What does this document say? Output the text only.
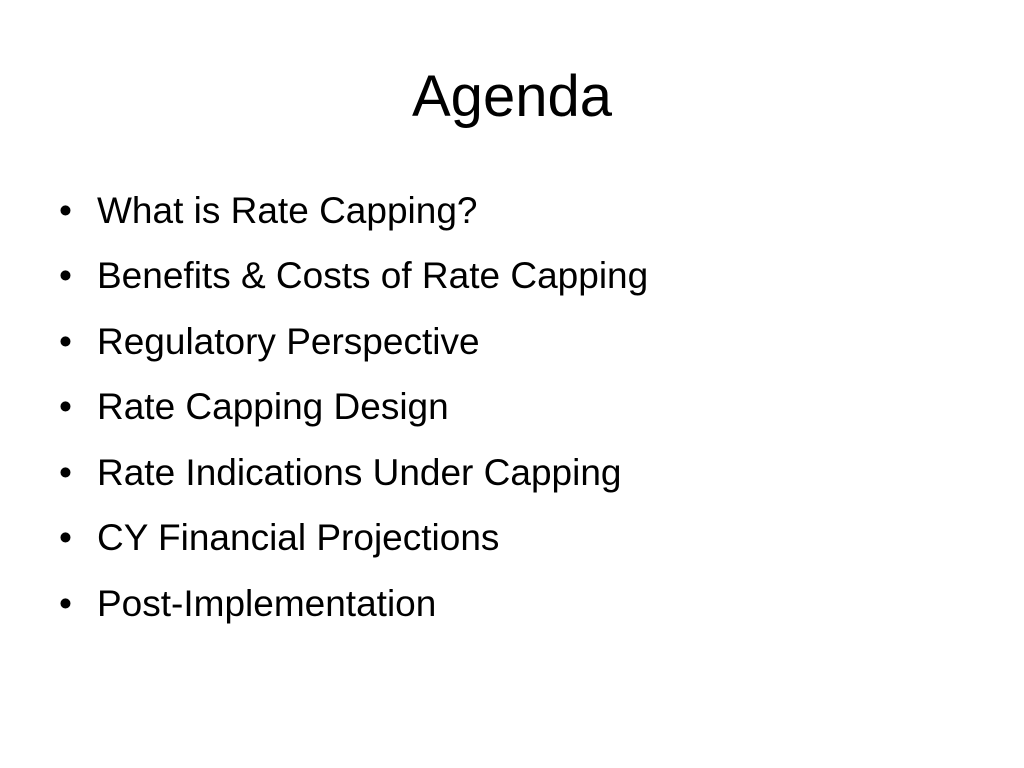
Agenda
• What is Rate Capping?
• Benefits & Costs of Rate Capping
• Regulatory Perspective
• Rate Capping Design
• Rate Indications Under Capping
• CY Financial Projections
• Post-Implementation
